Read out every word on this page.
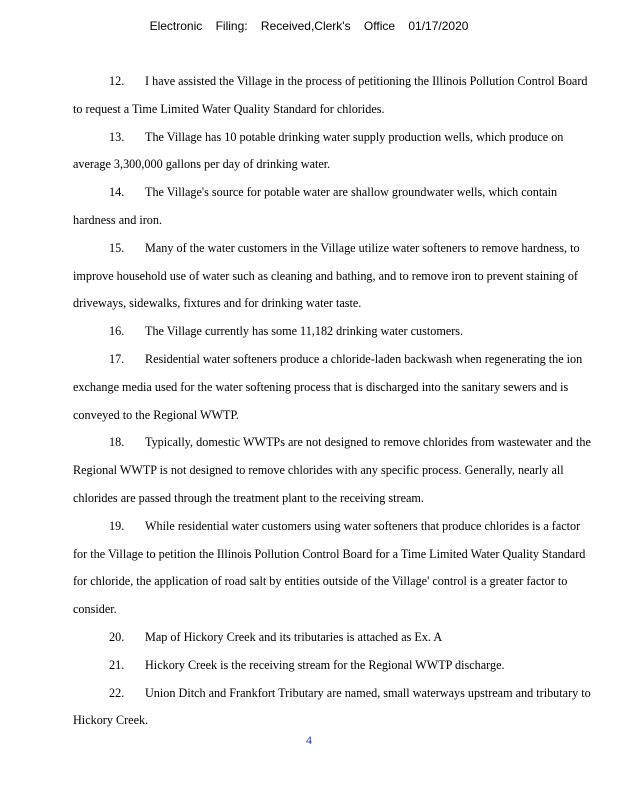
Electronic Filing: Received,Clerk's Office 01/17/2020

12. I have assisted the Village in the process of petitioning the Illinois Pollution Control Board to request a Time Limited Water Quality Standard for chlorides.

13. The Village has 10 potable drinking water supply production wells, which produce on average 3,300,000 gallons per day of drinking water.

14. The Village's source for potable water are shallow groundwater wells, which contain hardness and iron.

15. Many of the water customers in the Village utilize water softeners to remove hardness, to improve household use of water such as cleaning and bathing, and to remove iron to prevent staining of driveways, sidewalks, fixtures and for drinking water taste.

16. The Village currently has some 11,182 drinking water customers.

17. Residential water softeners produce a chloride-laden backwash when regenerating the ion exchange media used for the water softening process that is discharged into the sanitary sewers and is conveyed to the Regional WWTP.

18. Typically, domestic WWTPs are not designed to remove chlorides from wastewater and the Regional WWTP is not designed to remove chlorides with any specific process. Generally, nearly all chlorides are passed through the treatment plant to the receiving stream.

19. While residential water customers using water softeners that produce chlorides is a factor for the Village to petition the Illinois Pollution Control Board for a Time Limited Water Quality Standard for chloride, the application of road salt by entities outside of the Village' control is a greater factor to consider.

20. Map of Hickory Creek and its tributaries is attached as Ex. A

21. Hickory Creek is the receiving stream for the Regional WWTP discharge.

22. Union Ditch and Frankfort Tributary are named, small waterways upstream and tributary to Hickory Creek.

4
